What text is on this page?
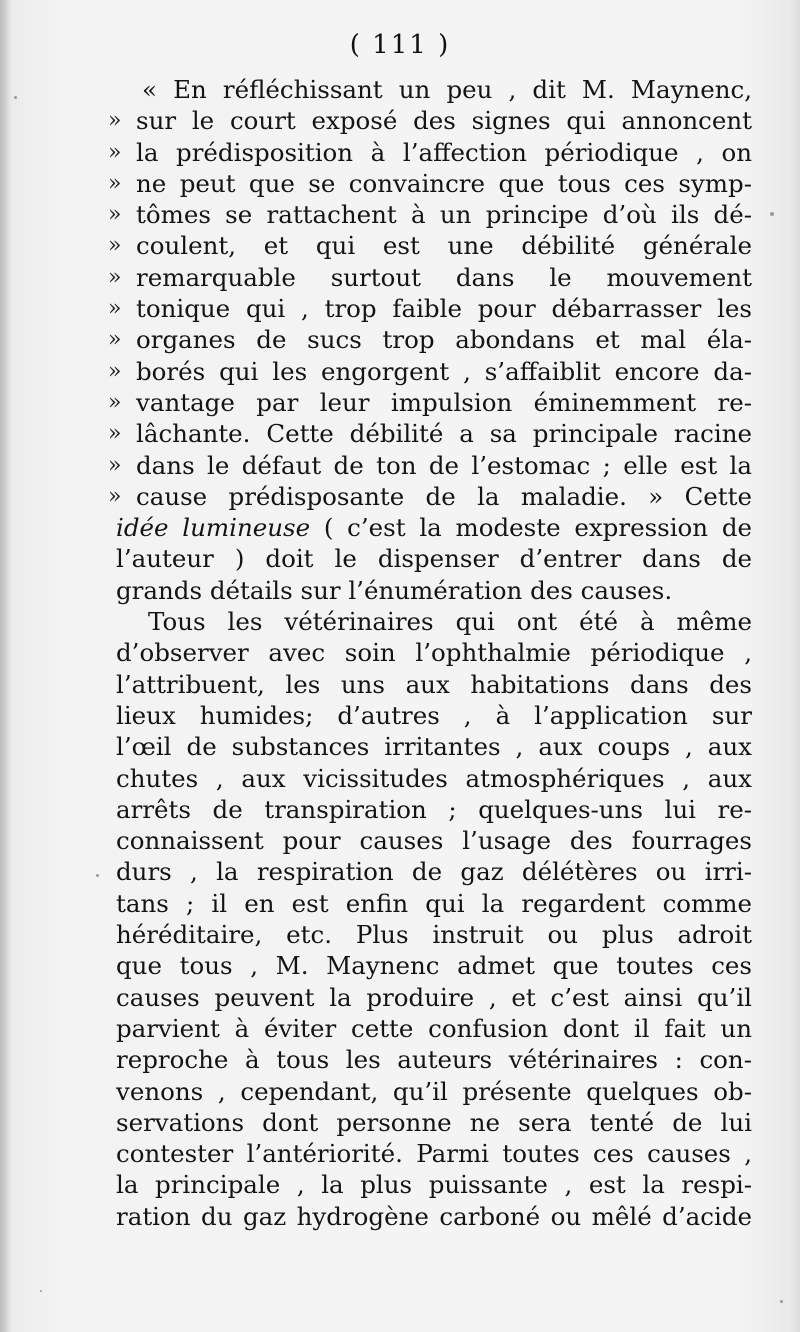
( 111 )
« En réfléchissant un peu , dit M. Maynenc,
» sur le court exposé des signes qui annoncent
» la prédisposition à l’affection périodique , on
» ne peut que se convaincre que tous ces symp-
» tômes se rattachent à un principe d’où ils dé-
» coulent, et qui est une débilité générale
» remarquable surtout dans le mouvement
» tonique qui , trop faible pour débarrasser les
» organes de sucs trop abondans et mal éla-
» borés qui les engorgent , s’affaiblit encore da-
» vantage par leur impulsion éminemment re-
» lâchante. Cette débilité a sa principale racine
» dans le défaut de ton de l’estomac ; elle est la
» cause prédisposante de la maladie. » Cette
idée lumineuse ( c’est la modeste expression de
l’auteur ) doit le dispenser d’entrer dans de
grands détails sur l’énumération des causes.
Tous les vétérinaires qui ont été à même
d’observer avec soin l’ophthalmie périodique ,
l’attribuent, les uns aux habitations dans des
lieux humides; d’autres , à l’application sur
l’œil de substances irritantes , aux coups , aux
chutes , aux vicissitudes atmosphériques , aux
arrêts de transpiration ; quelques-uns lui re-
connaissent pour causes l’usage des fourrages
durs , la respiration de gaz délétères ou irri-
tans ; il en est enfin qui la regardent comme
héréditaire, etc. Plus instruit ou plus adroit
que tous , M. Maynenc admet que toutes ces
causes peuvent la produire , et c’est ainsi qu’il
parvient à éviter cette confusion dont il fait un
reproche à tous les auteurs vétérinaires : con-
venons , cependant, qu’il présente quelques ob-
servations dont personne ne sera tenté de lui
contester l’antériorité. Parmi toutes ces causes ,
la principale , la plus puissante , est la respi-
ration du gaz hydrogène carboné ou mêlé d’acide
